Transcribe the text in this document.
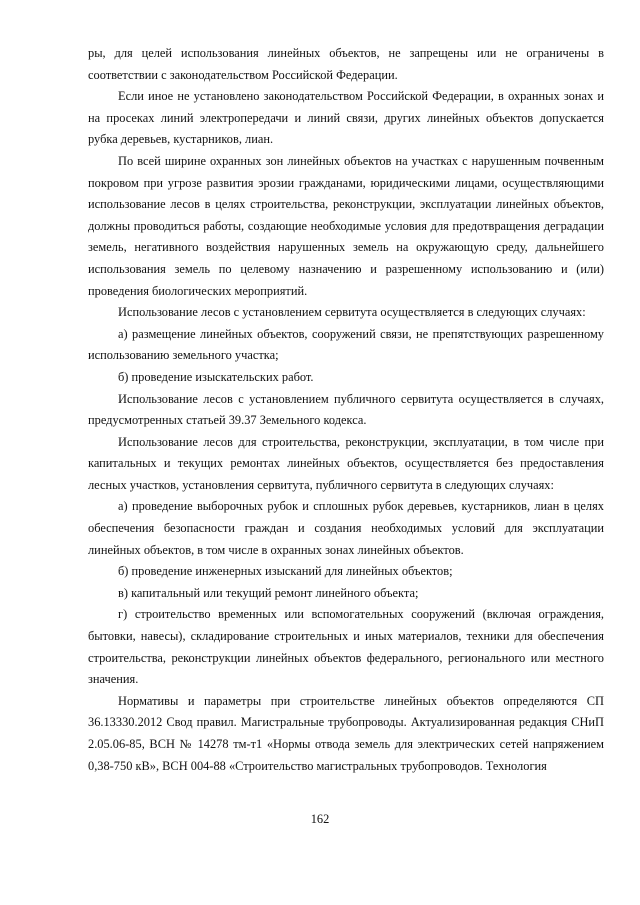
ры, для целей использования линейных объектов, не запрещены или не ограничены в соответствии с законодательством Российской Федерации.

Если иное не установлено законодательством Российской Федерации, в охранных зонах и на просеках линий электропередачи и линий связи, других линейных объектов допускается рубка деревьев, кустарников, лиан.

По всей ширине охранных зон линейных объектов на участках с нарушенным почвенным покровом при угрозе развития эрозии гражданами, юридическими лицами, осуществляющими использование лесов в целях строительства, реконструкции, эксплуатации линейных объектов, должны проводиться работы, создающие необходимые условия для предотвращения деградации земель, негативного воздействия нарушенных земель на окружающую среду, дальнейшего использования земель по целевому назначению и разрешенному использованию и (или) проведения биологических мероприятий.

Использование лесов с установлением сервитута осуществляется в следующих случаях:

а) размещение линейных объектов, сооружений связи, не препятствующих разрешенному использованию земельного участка;

б) проведение изыскательских работ.

Использование лесов с установлением публичного сервитута осуществляется в случаях, предусмотренных статьей 39.37 Земельного кодекса.

Использование лесов для строительства, реконструкции, эксплуатации, в том числе при капитальных и текущих ремонтах линейных объектов, осуществляется без предоставления лесных участков, установления сервитута, публичного сервитута в следующих случаях:

а) проведение выборочных рубок и сплошных рубок деревьев, кустарников, лиан в целях обеспечения безопасности граждан и создания необходимых условий для эксплуатации линейных объектов, в том числе в охранных зонах линейных объектов.

б) проведение инженерных изысканий для линейных объектов;

в) капитальный или текущий ремонт линейного объекта;

г) строительство временных или вспомогательных сооружений (включая ограждения, бытовки, навесы), складирование строительных и иных материалов, техники для обеспечения строительства, реконструкции линейных объектов федерального, регионального или местного значения.

Нормативы и параметры при строительстве линейных объектов определяются СП 36.13330.2012 Свод правил. Магистральные трубопроводы. Актуализированная редакция СНиП 2.05.06-85, ВСН № 14278 тм-т1 «Нормы отвода земель для электрических сетей напряжением 0,38-750 кВ», ВСН 004-88 «Строительство магистральных трубопроводов. Технология

162
